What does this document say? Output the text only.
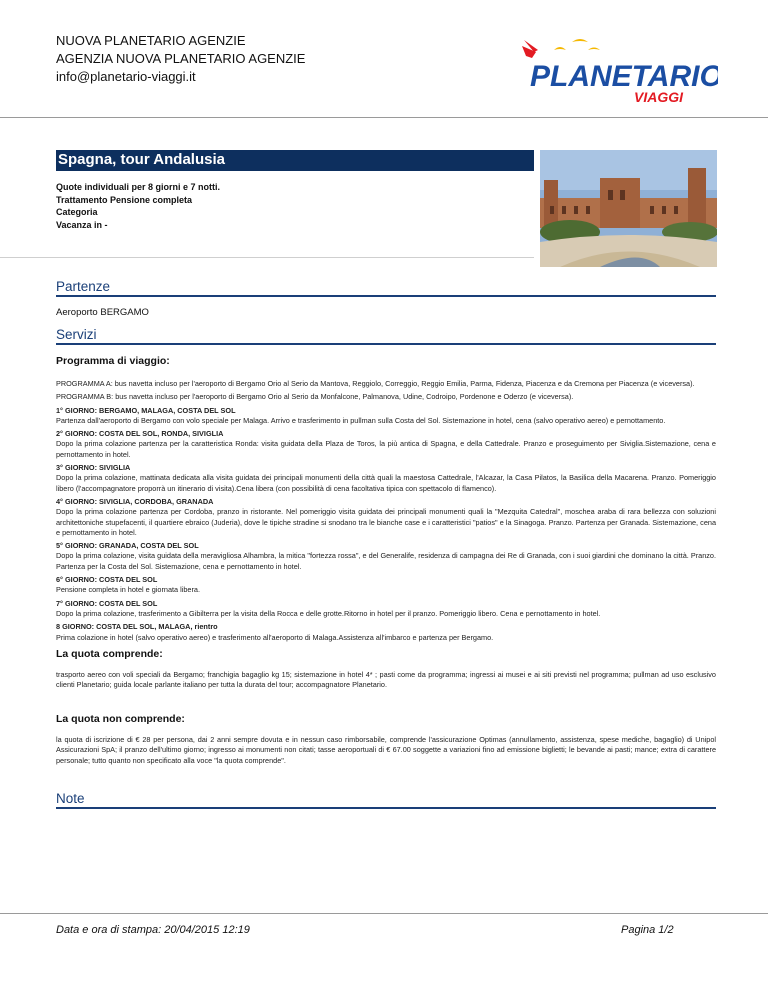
NUOVA PLANETARIO AGENZIE
AGENZIA NUOVA PLANETARIO AGENZIE
info@planetario-viaggi.it	PLANETARIO
VIAGGI
Spagna, tour Andalusia
Quote individuali per 8 giorni e 7 notti.
Trattamento Pensione completa
Categoria
Vacanza in -
Partenze
Aeroporto BERGAMO
Servizi
Programma di viaggio:
PROGRAMMA A: bus navetta incluso per l'aeroporto di Bergamo Orio al Serio da Mantova, Reggiolo, Correggio, Reggio Emilia, Parma, Fidenza, Piacenza e da Cremona per Piacenza (e viceversa).
PROGRAMMA B: bus navetta incluso per l'aeroporto di Bergamo Orio al Serio da Monfalcone, Palmanova, Udine, Codroipo, Pordenone e Oderzo (e viceversa).
1° GIORNO: BERGAMO, MALAGA, COSTA DEL SOL
Partenza dall'aeroporto di Bergamo con volo speciale per Malaga. Arrivo e trasferimento in pullman sulla Costa del Sol. Sistemazione in hotel, cena (salvo operativo aereo) e pernottamento.
2° GIORNO: COSTA DEL SOL, RONDA, SIVIGLIA
Dopo la prima colazione partenza per la caratteristica Ronda: visita guidata della Plaza de Toros, la più antica di Spagna, e della Cattedrale. Pranzo e proseguimento per Siviglia.Sistemazione, cena e pernottamento in hotel.
3° GIORNO: SIVIGLIA
Dopo la prima colazione, mattinata dedicata alla visita guidata dei principali monumenti della città quali la maestosa Cattedrale, l'Alcazar, la Casa Pilatos, la Basilica della Macarena. Pranzo. Pomeriggio libero (l'accompagnatore proporrà un itinerario di visita).Cena libera (con possibilità di cena facoltativa tipica con spettacolo di flamenco).
4° GIORNO: SIVIGLIA, CORDOBA, GRANADA
Dopo la prima colazione partenza per Cordoba, pranzo in ristorante. Nel pomeriggio visita guidata dei principali monumenti quali la "Mezquita Catedral", moschea araba di rara bellezza con soluzioni architettoniche stupefacenti, il quartiere ebraico (Juderia), dove le tipiche stradine si snodano tra le bianche case e i caratteristici "patios" e la Sinagoga. Pranzo. Partenza per Granada. Sistemazione, cena e pernottamento in hotel.
5° GIORNO: GRANADA, COSTA DEL SOL
Dopo la prima colazione, visita guidata della meravigliosa Alhambra, la mitica "fortezza rossa", e del Generalife, residenza di campagna dei Re di Granada, con i suoi giardini che dominano la città. Pranzo. Partenza per la Costa del Sol. Sistemazione, cena e pernottamento in hotel.
6° GIORNO: COSTA DEL SOL
Pensione completa in hotel e giornata libera.
7° GIORNO: COSTA DEL SOL
Dopo la prima colazione, trasferimento a Gibilterra per la visita della Rocca e delle grotte.Ritorno in hotel per il pranzo. Pomeriggio libero. Cena e pernottamento in hotel.
8 GIORNO: COSTA DEL SOL, MALAGA, rientro
Prima colazione in hotel (salvo operativo aereo) e trasferimento all'aeroporto di Malaga.Assistenza all'imbarco e partenza per Bergamo.
La quota comprende:
trasporto aereo con voli speciali da Bergamo; franchigia bagaglio kg 15; sistemazione in hotel 4* ; pasti come da programma; ingressi ai musei e ai siti previsti nel programma; pullman ad uso esclusivo clienti Planetario; guida locale parlante italiano per tutta la durata del tour; accompagnatore Planetario.
La quota non comprende:
la quota di iscrizione di € 28 per persona, dai 2 anni sempre dovuta e in nessun caso rimborsabile, comprende l'assicurazione Optimas (annullamento, assistenza, spese mediche, bagaglio) di Unipol Assicurazioni SpA; il pranzo dell'ultimo giorno; ingresso ai monumenti non citati; tasse aeroportuali di € 67.00 soggette a variazioni fino ad emissione biglietti; le bevande ai pasti; mance; extra di carattere personale; tutto quanto non specificato alla voce "la quota comprende".
Note
Data e ora di stampa: 20/04/2015 12:19	Pagina 1/2
